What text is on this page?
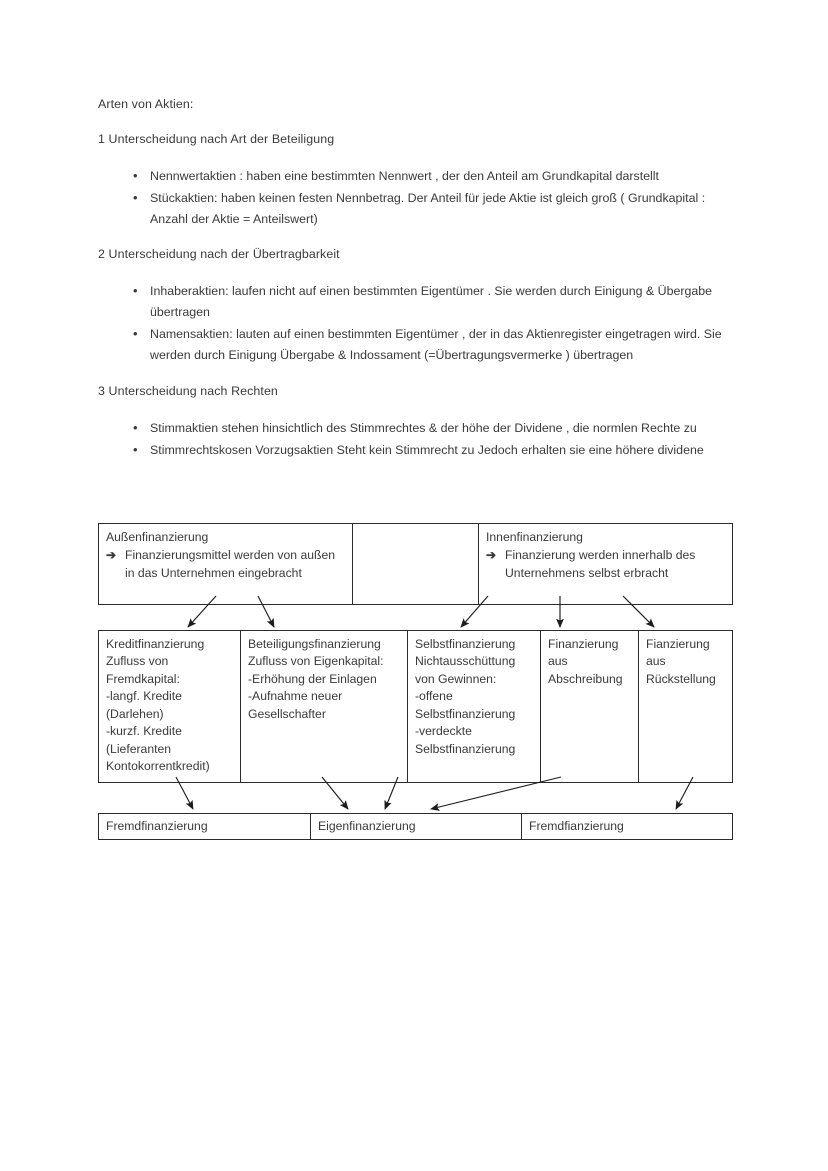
Arten von Aktien:

1 Unterscheidung nach Art der Beteiligung

• Nennwertaktien : haben eine bestimmten Nennwert , der den Anteil am Grundkapital darstellt
• Stückaktien: haben keinen festen Nennbetrag. Der Anteil für jede Aktie ist gleich groß ( Grundkapital : Anzahl der Aktie = Anteilswert)

2 Unterscheidung nach der Übertragbarkeit

• Inhaberaktien: laufen nicht auf einen bestimmten Eigentümer . Sie werden durch Einigung & Übergabe übertragen
• Namensaktien: lauten auf einen bestimmten Eigentümer , der in das Aktienregister eingetragen wird. Sie werden durch Einigung Übergabe & Indossament (=Übertragungsvermerke ) übertragen

3 Unterscheidung nach Rechten

• Stimmaktien stehen hinsichtlich des Stimmrechtes & der höhe der Dividene , die normlen Rechte zu
• Stimmrechtskosen Vorzugsaktien Steht kein Stimmrecht zu Jedoch erhalten sie eine höhere dividene
Außenfinanzierung
➔ Finanzierungsmittel werden von außen in das Unternehmen eingebracht

Innenfinanzierung
➔ Finanzierung werden innerhalb des Unternehmens selbst erbracht
Kreditfinanzierung
Zufluss von
Fremdkapital:
-langf. Kredite
(Darlehen)
-kurzf. Kredite
(Lieferanten
Kontokorrentkredit)

Beteiligungsfinanzierung
Zufluss von Eigenkapital:
-Erhöhung der Einlagen
-Aufnahme neuer
Gesellschafter

Selbstfinanzierung
Nichtausschüttung
von Gewinnen:
-offene
Selbstfinanzierung
-verdeckte
Selbstfinanzierung

Finanzierung
aus
Abschreibung

Fianzierung
aus
Rückstellung
Fremdfinanzierung	Eigenfinanzierung	Fremdfianzierung
